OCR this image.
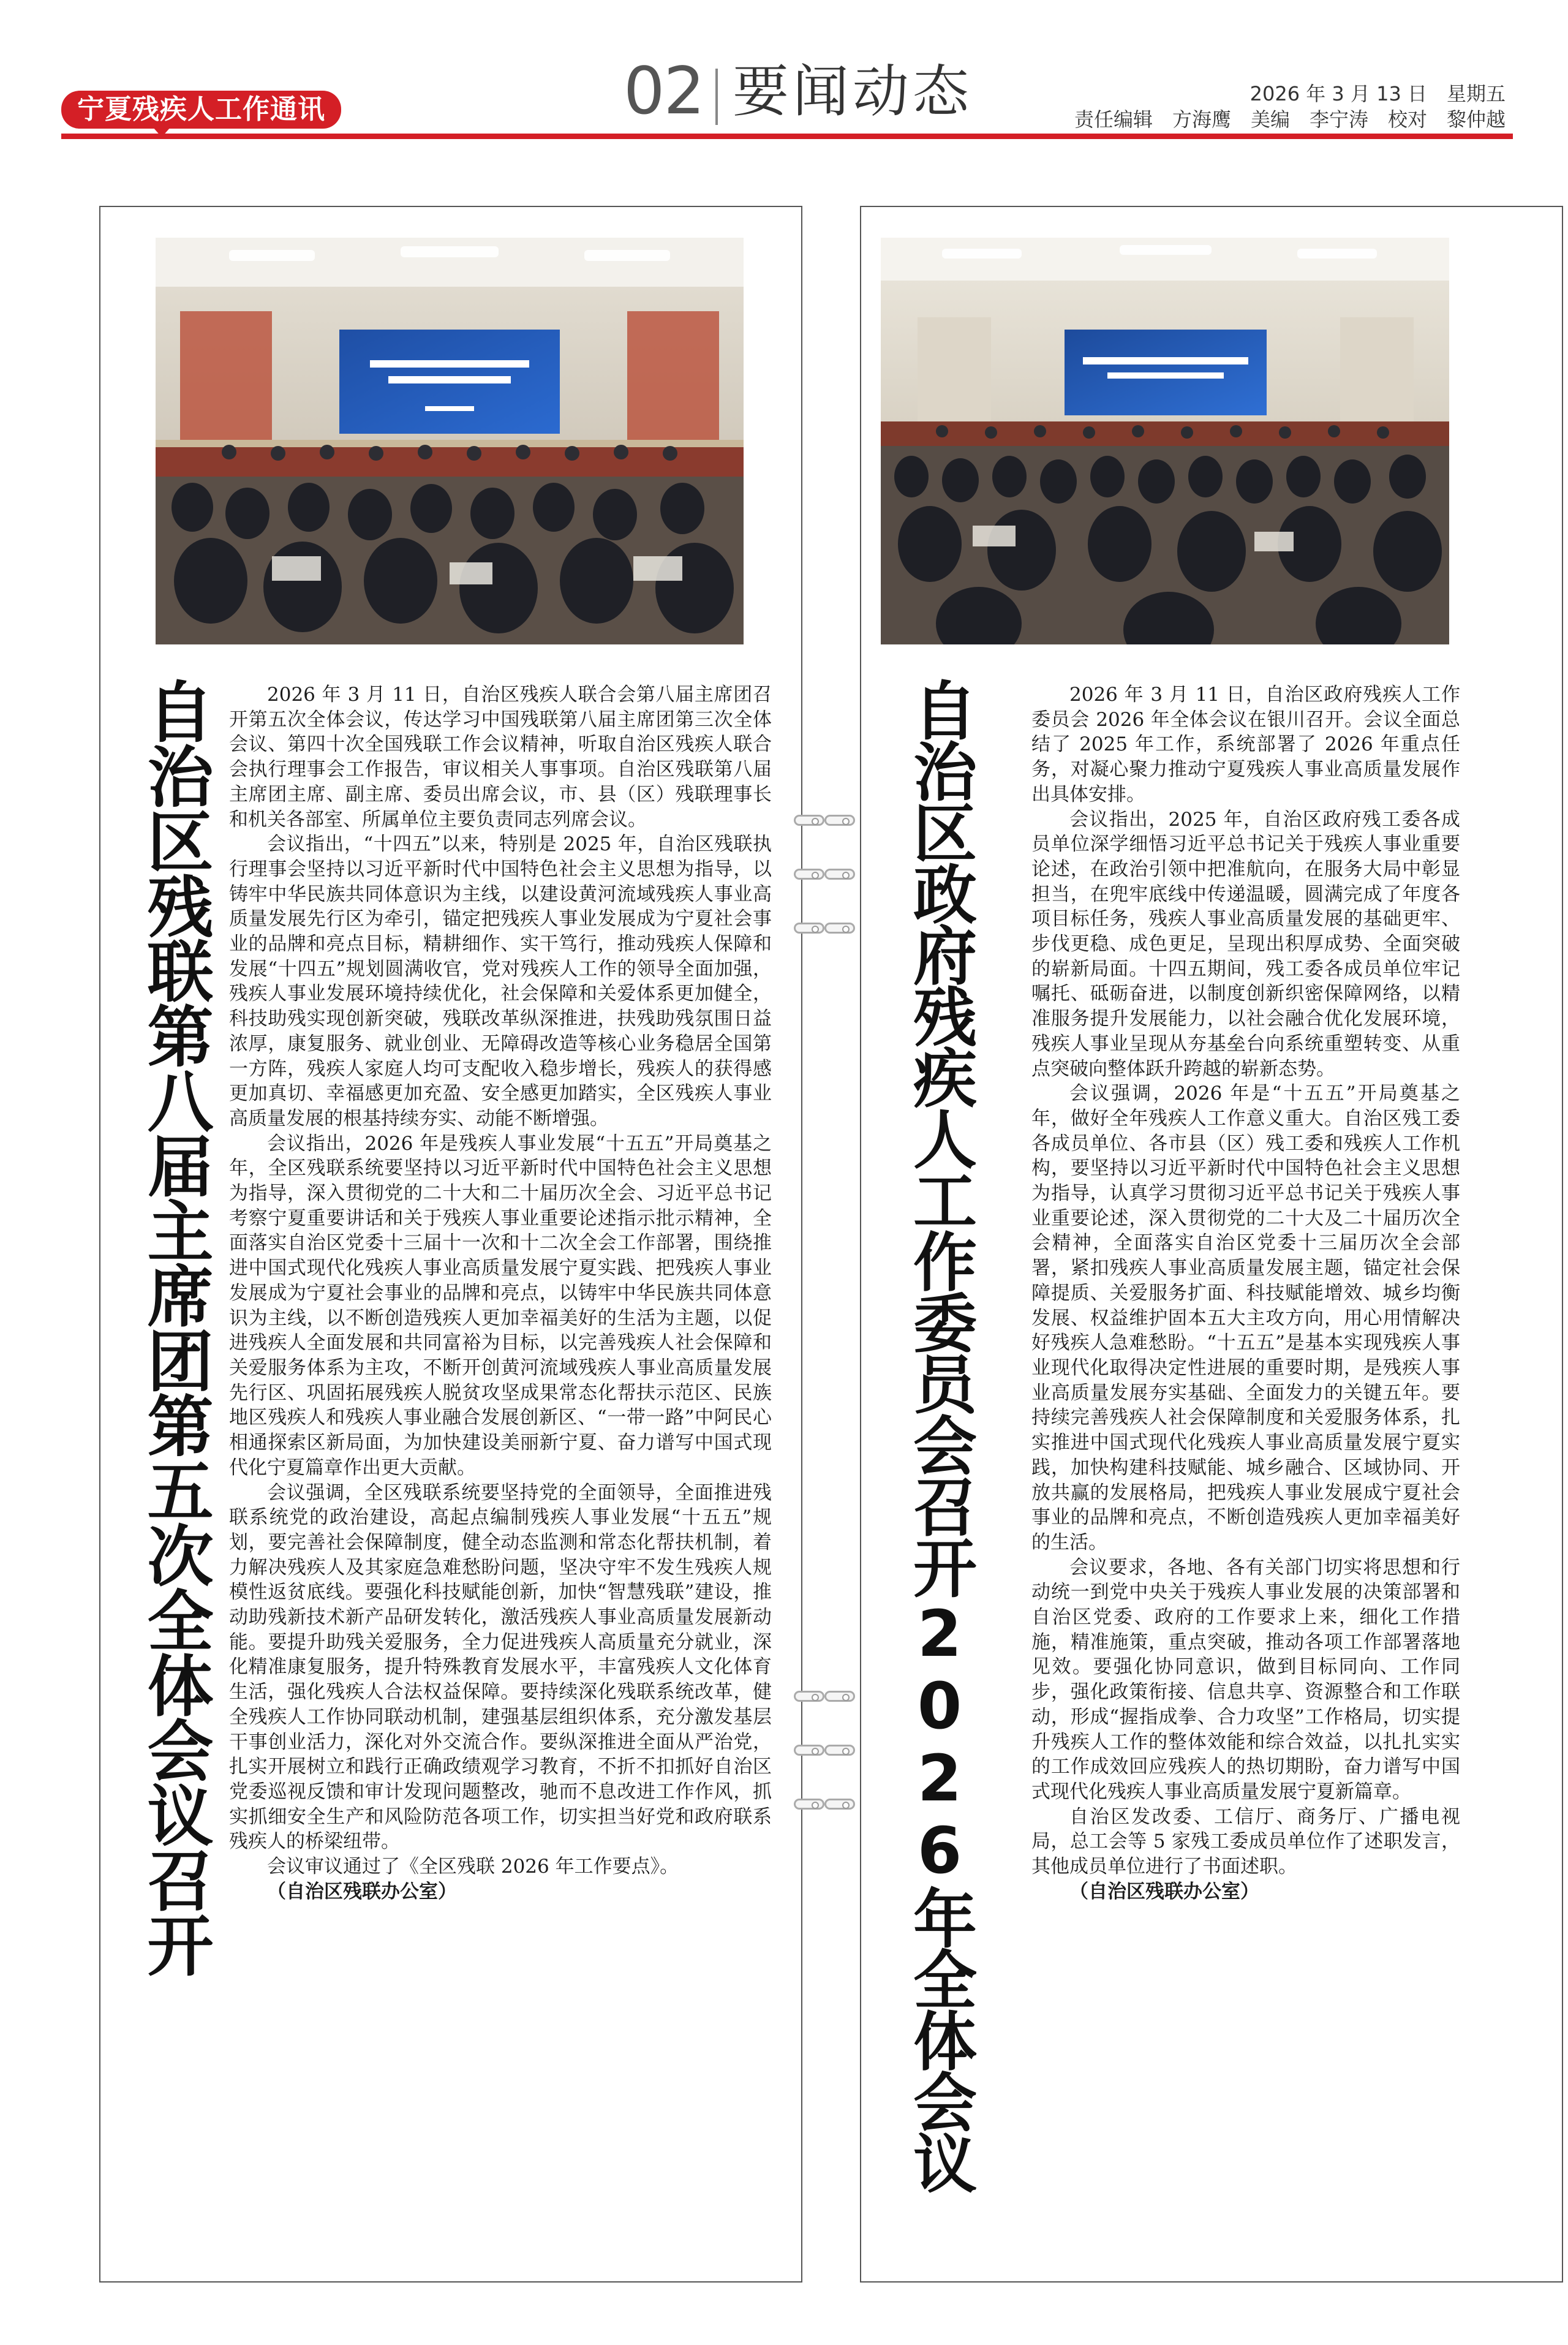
宁夏残疾人工作通讯	02 要闻动态	2026 年 3 月 13 日　星期五
责任编辑　方海鹰　美编　李宁涛　校对　黎仲越
自治区残联第八届主席团第五次全体会议召开	2026 年 3 月 11 日，自治区残疾人联合会第八届主席团召开第五次全体会议，传达学习中国残联第八届主席团第三次全体会议、第四十次全国残联工作会议精神，听取自治区残疾人联合会执行理事会工作报告，审议相关人事事项。自治区残联第八届主席团主席、副主席、委员出席会议，市、县（区）残联理事长和机关各部室、所属单位主要负责同志列席会议。

会议指出，“十四五”以来，特别是 2025 年，自治区残联执行理事会坚持以习近平新时代中国特色社会主义思想为指导，以铸牢中华民族共同体意识为主线，以建设黄河流域残疾人事业高质量发展先行区为牵引，锚定把残疾人事业发展成为宁夏社会事业的品牌和亮点目标，精耕细作、实干笃行，推动残疾人保障和发展“十四五”规划圆满收官，党对残疾人工作的领导全面加强，残疾人事业发展环境持续优化，社会保障和关爱体系更加健全，科技助残实现创新突破，残联改革纵深推进，扶残助残氛围日益浓厚，康复服务、就业创业、无障碍改造等核心业务稳居全国第一方阵，残疾人家庭人均可支配收入稳步增长，残疾人的获得感更加真切、幸福感更加充盈、安全感更加踏实，全区残疾人事业高质量发展的根基持续夯实、动能不断增强。

会议指出，2026 年是残疾人事业发展“十五五”开局奠基之年，全区残联系统要坚持以习近平新时代中国特色社会主义思想为指导，深入贯彻党的二十大和二十届历次全会、习近平总书记考察宁夏重要讲话和关于残疾人事业重要论述指示批示精神，全面落实自治区党委十三届十一次和十二次全会工作部署，围绕推进中国式现代化残疾人事业高质量发展宁夏实践、把残疾人事业发展成为宁夏社会事业的品牌和亮点，以铸牢中华民族共同体意识为主线，以不断创造残疾人更加幸福美好的生活为主题，以促进残疾人全面发展和共同富裕为目标，以完善残疾人社会保障和关爱服务体系为主攻，不断开创黄河流域残疾人事业高质量发展先行区、巩固拓展残疾人脱贫攻坚成果常态化帮扶示范区、民族地区残疾人和残疾人事业融合发展创新区、“一带一路”中阿民心相通探索区新局面，为加快建设美丽新宁夏、奋力谱写中国式现代化宁夏篇章作出更大贡献。

会议强调，全区残联系统要坚持党的全面领导，全面推进残联系统党的政治建设，高起点编制残疾人事业发展“十五五”规划，要完善社会保障制度，健全动态监测和常态化帮扶机制，着力解决残疾人及其家庭急难愁盼问题，坚决守牢不发生残疾人规模性返贫底线。要强化科技赋能创新，加快“智慧残联”建设，推动助残新技术新产品研发转化，激活残疾人事业高质量发展新动能。要提升助残关爱服务，全力促进残疾人高质量充分就业，深化精准康复服务，提升特殊教育发展水平，丰富残疾人文化体育生活，强化残疾人合法权益保障。要持续深化残联系统改革，健全残疾人工作协同联动机制，建强基层组织体系，充分激发基层干事创业活力，深化对外交流合作。要纵深推进全面从严治党，扎实开展树立和践行正确政绩观学习教育，不折不扣抓好自治区党委巡视反馈和审计发现问题整改，驰而不息改进工作作风，抓实抓细安全生产和风险防范各项工作，切实担当好党和政府联系残疾人的桥梁纽带。

会议审议通过了《全区残联 2026 年工作要点》。

（自治区残联办公室）	自治区政府残疾人工作委员会召开2026年全体会议	2026 年 3 月 11 日，自治区政府残疾人工作委员会 2026 年全体会议在银川召开。会议全面总结了 2025 年工作，系统部署了 2026 年重点任务，对凝心聚力推动宁夏残疾人事业高质量发展作出具体安排。

会议指出，2025 年，自治区政府残工委各成员单位深学细悟习近平总书记关于残疾人事业重要论述，在政治引领中把准航向，在服务大局中彰显担当，在兜牢底线中传递温暖，圆满完成了年度各项目标任务，残疾人事业高质量发展的基础更牢、步伐更稳、成色更足，呈现出积厚成势、全面突破的崭新局面。十四五期间，残工委各成员单位牢记嘱托、砥砺奋进，以制度创新织密保障网络，以精准服务提升发展能力，以社会融合优化发展环境，残疾人事业呈现从夯基垒台向系统重塑转变、从重点突破向整体跃升跨越的崭新态势。

会议强调，2026 年是“十五五”开局奠基之年，做好全年残疾人工作意义重大。自治区残工委各成员单位、各市县（区）残工委和残疾人工作机构，要坚持以习近平新时代中国特色社会主义思想为指导，认真学习贯彻习近平总书记关于残疾人事业重要论述，深入贯彻党的二十大及二十届历次全会精神，全面落实自治区党委十三届历次全会部署，紧扣残疾人事业高质量发展主题，锚定社会保障提质、关爱服务扩面、科技赋能增效、城乡均衡发展、权益维护固本五大主攻方向，用心用情解决好残疾人急难愁盼。“十五五”是基本实现残疾人事业现代化取得决定性进展的重要时期，是残疾人事业高质量发展夯实基础、全面发力的关键五年。要持续完善残疾人社会保障制度和关爱服务体系，扎实推进中国式现代化残疾人事业高质量发展宁夏实践，加快构建科技赋能、城乡融合、区域协同、开放共赢的发展格局，把残疾人事业发展成宁夏社会事业的品牌和亮点，不断创造残疾人更加幸福美好的生活。

会议要求，各地、各有关部门切实将思想和行动统一到党中央关于残疾人事业发展的决策部署和自治区党委、政府的工作要求上来，细化工作措施，精准施策，重点突破，推动各项工作部署落地见效。要强化协同意识，做到目标同向、工作同步，强化政策衔接、信息共享、资源整合和工作联动，形成“握指成拳、合力攻坚”工作格局，切实提升残疾人工作的整体效能和综合效益，以扎扎实实的工作成效回应残疾人的热切期盼，奋力谱写中国式现代化残疾人事业高质量发展宁夏新篇章。

自治区发改委、工信厅、商务厅、广播电视局，总工会等 5 家残工委成员单位作了述职发言，其他成员单位进行了书面述职。

（自治区残联办公室）
